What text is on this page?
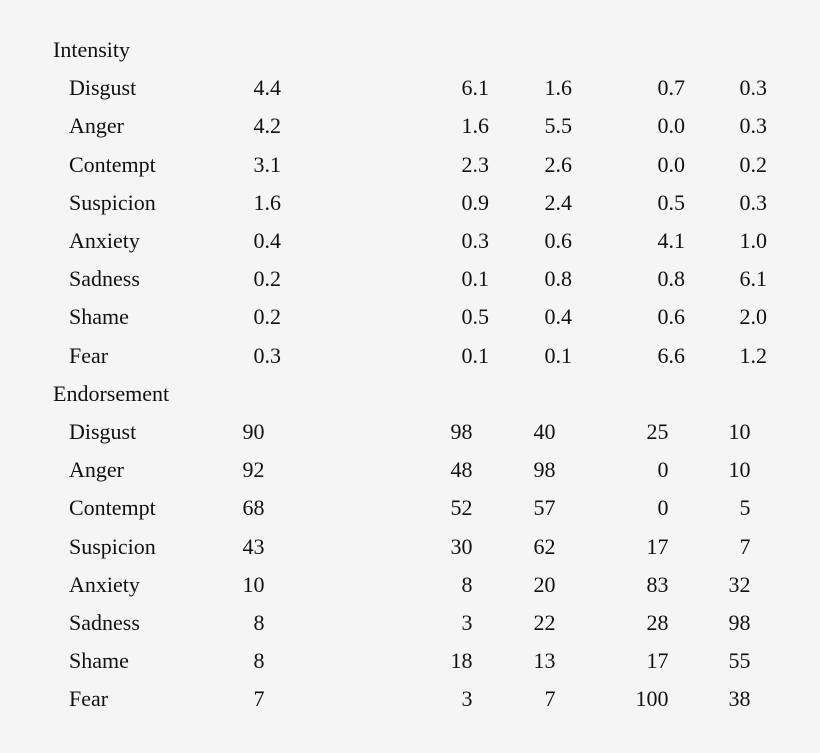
Intensity
Disgust	4.4	6.1	1.6	0.7	0.3
Anger	4.2	1.6	5.5	0.0	0.3
Contempt	3.1	2.3	2.6	0.0	0.2
Suspicion	1.6	0.9	2.4	0.5	0.3
Anxiety	0.4	0.3	0.6	4.1	1.0
Sadness	0.2	0.1	0.8	0.8	6.1
Shame	0.2	0.5	0.4	0.6	2.0
Fear	0.3	0.1	0.1	6.6	1.2
Endorsement
Disgust	90	98	40	25	10
Anger	92	48	98	0	10
Contempt	68	52	57	0	5
Suspicion	43	30	62	17	7
Anxiety	10	8	20	83	32
Sadness	8	3	22	28	98
Shame	8	18	13	17	55
Fear	7	3	7	100	38
